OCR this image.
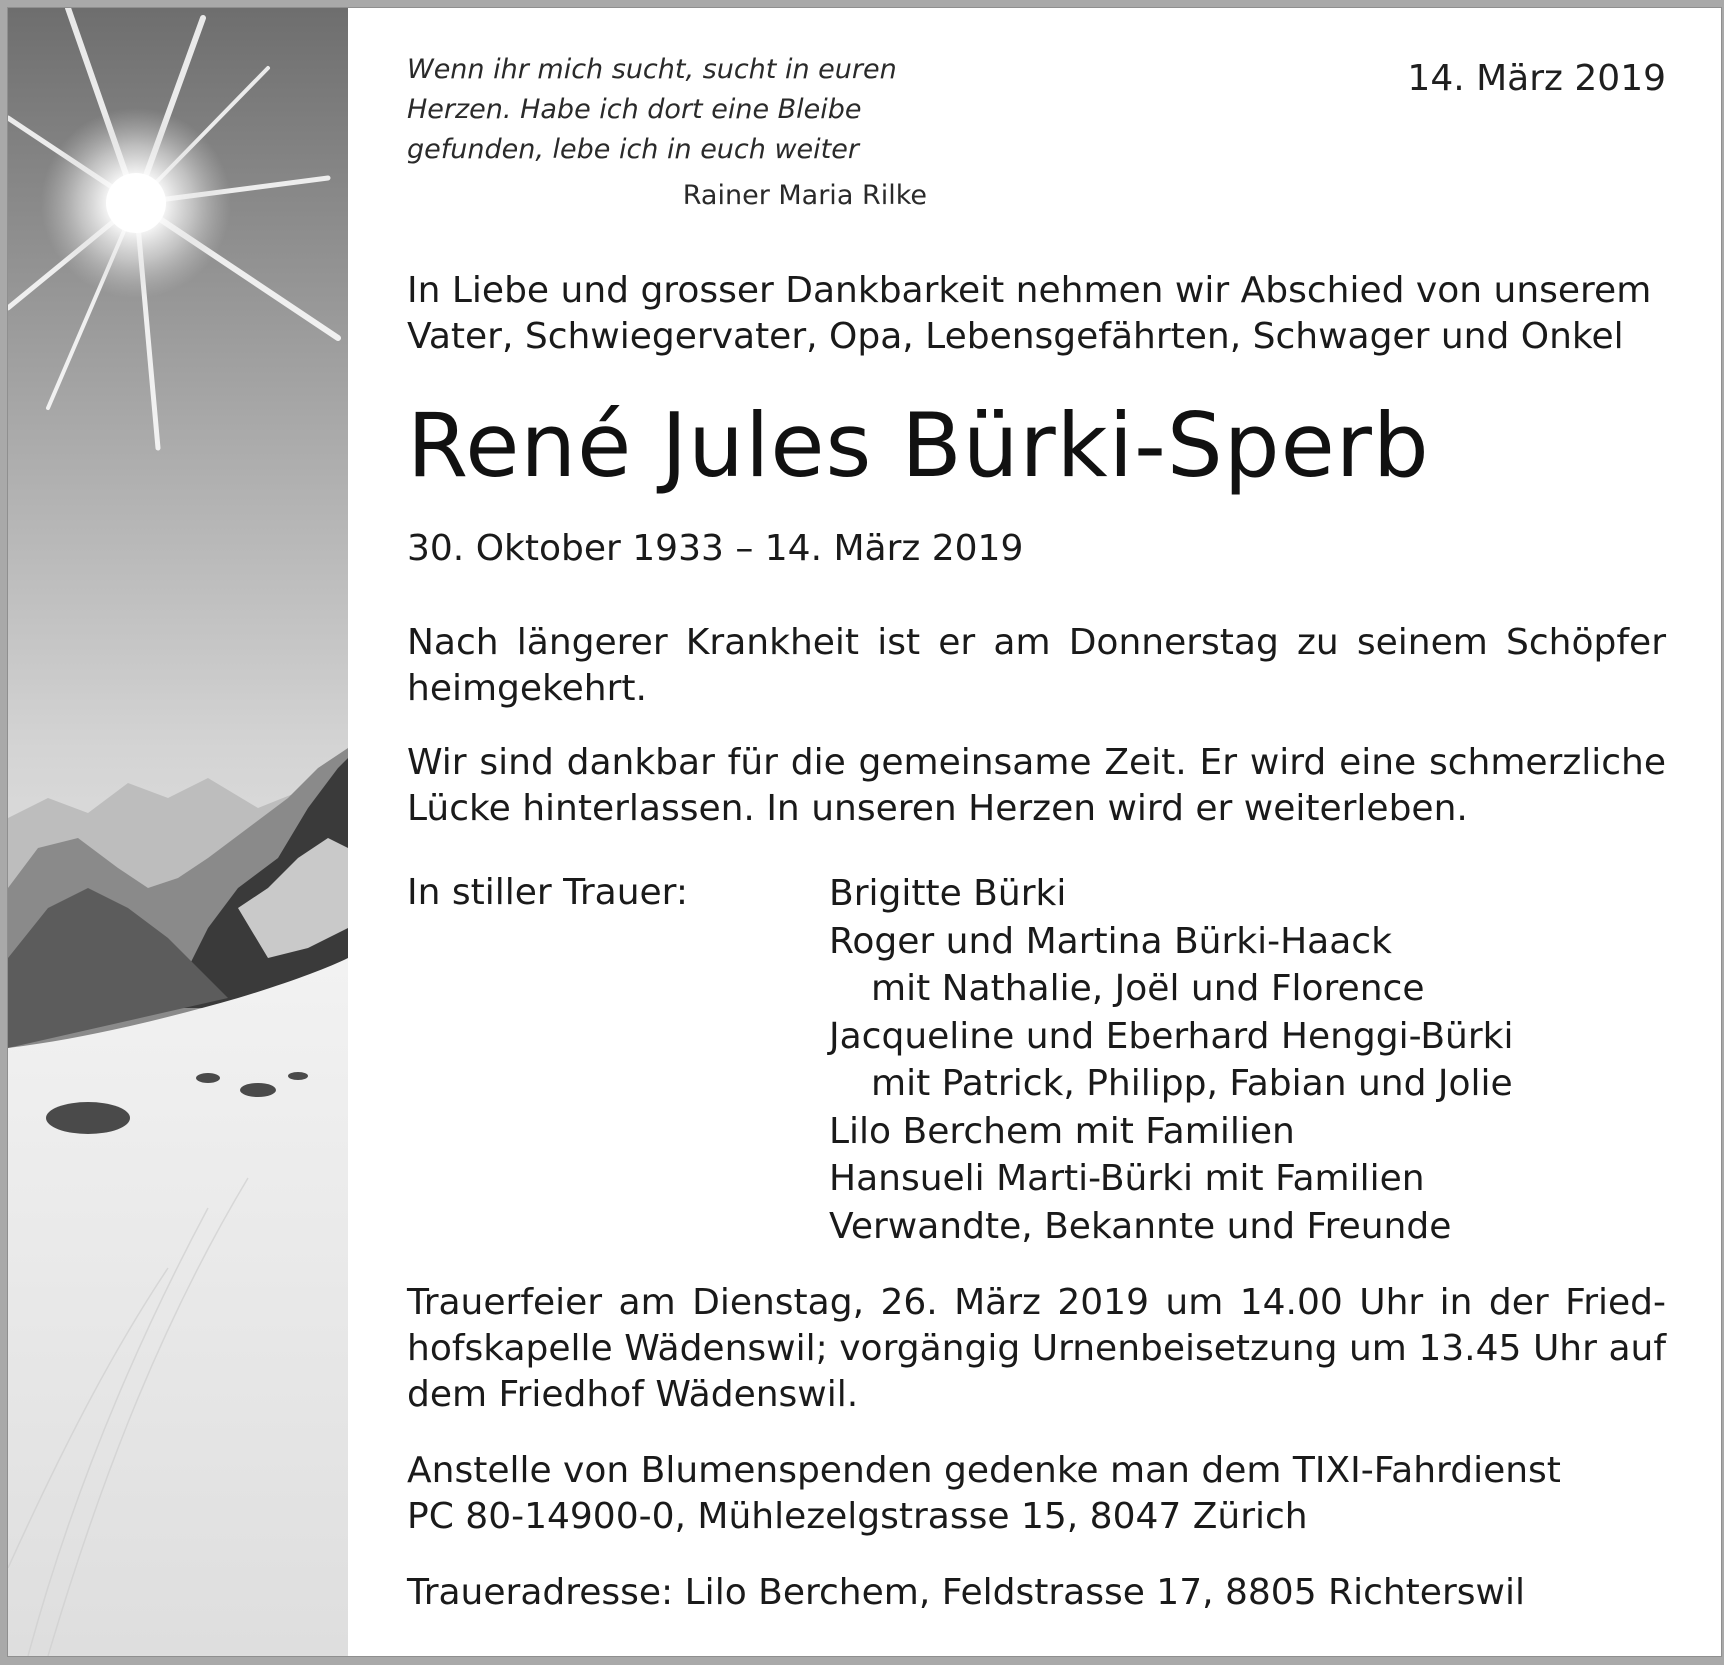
Wenn ihr mich sucht, sucht in euren
Herzen. Habe ich dort eine Bleibe
gefunden, lebe ich in euch weiter
Rainer Maria Rilke
14. März 2019
In Liebe und grosser Dankbarkeit nehmen wir Abschied von unserem
Vater, Schwiegervater, Opa, Lebensgefährten, Schwager und Onkel
René Jules Bürki-Sperb
30. Oktober 1933 – 14. März 2019
Nach längerer Krankheit ist er am Donnerstag zu seinem Schöpfer
heimgekehrt.
Wir sind dankbar für die gemeinsame Zeit. Er wird eine schmerzliche
Lücke hinterlassen. In unseren Herzen wird er weiterleben.
In stiller Trauer:	Brigitte Bürki
Roger und Martina Bürki-Haack
mit Nathalie, Joël und Florence
Jacqueline und Eberhard Henggi-Bürki
mit Patrick, Philipp, Fabian und Jolie
Lilo Berchem mit Familien
Hansueli Marti-Bürki mit Familien
Verwandte, Bekannte und Freunde
Trauerfeier am Dienstag, 26. März 2019 um 14.00 Uhr in der Fried-
hofskapelle Wädenswil; vorgängig Urnenbeisetzung um 13.45 Uhr auf
dem Friedhof Wädenswil.
Anstelle von Blumenspenden gedenke man dem TIXI-Fahrdienst
PC 80-14900-0, Mühlezelgstrasse 15, 8047 Zürich
Traueradresse: Lilo Berchem, Feldstrasse 17, 8805 Richterswil
